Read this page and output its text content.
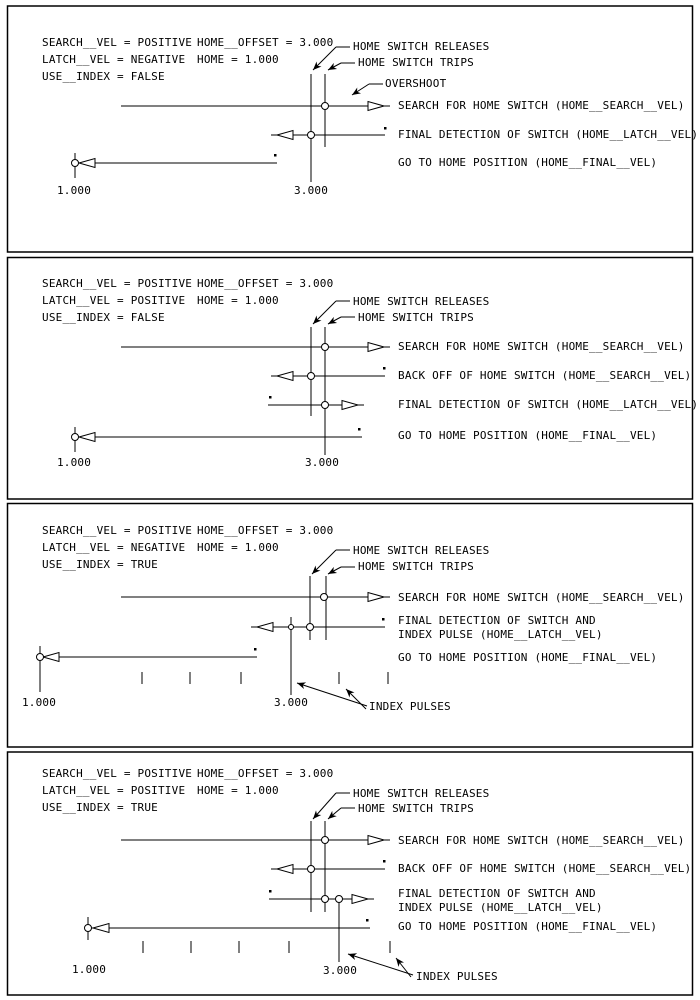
SEARCH__VEL = POSITIVE
LATCH__VEL = NEGATIVE
USE__INDEX = FALSE
HOME__OFFSET = 3.000
HOME = 1.000
HOME SWITCH RELEASES
HOME SWITCH TRIPS
OVERSHOOT
SEARCH FOR HOME SWITCH (HOME__SEARCH__VEL)
FINAL DETECTION OF SWITCH (HOME__LATCH__VEL)
GO TO HOME POSITION (HOME__FINAL__VEL)
1.000	3.000
SEARCH__VEL = POSITIVE
LATCH__VEL = POSITIVE
USE__INDEX = FALSE
HOME__OFFSET = 3.000
HOME = 1.000	HOME SWITCH RELEASES
HOME SWITCH TRIPS
SEARCH FOR HOME SWITCH (HOME__SEARCH__VEL)
BACK OFF OF HOME SWITCH (HOME__SEARCH__VEL)
FINAL DETECTION OF SWITCH (HOME__LATCH__VEL)
GO TO HOME POSITION (HOME__FINAL__VEL)
1.000	3.000
SEARCH__VEL = POSITIVE
LATCH__VEL = NEGATIVE
USE__INDEX = TRUE
HOME__OFFSET = 3.000
HOME = 1.000	HOME SWITCH RELEASES
HOME SWITCH TRIPS
SEARCH FOR HOME SWITCH (HOME__SEARCH__VEL)
FINAL DETECTION OF SWITCH AND
INDEX PULSE (HOME__LATCH__VEL)
GO TO HOME POSITION (HOME__FINAL__VEL)
INDEX PULSES
1.000	3.000
SEARCH__VEL = POSITIVE
LATCH__VEL = POSITIVE
USE__INDEX = TRUE
HOME__OFFSET = 3.000
HOME = 1.000	HOME SWITCH RELEASES
HOME SWITCH TRIPS
SEARCH FOR HOME SWITCH (HOME__SEARCH__VEL)
BACK OFF OF HOME SWITCH (HOME__SEARCH__VEL)
FINAL DETECTION OF SWITCH AND
INDEX PULSE (HOME__LATCH__VEL)
GO TO HOME POSITION (HOME__FINAL__VEL)
INDEX PULSES
1.000	3.000
